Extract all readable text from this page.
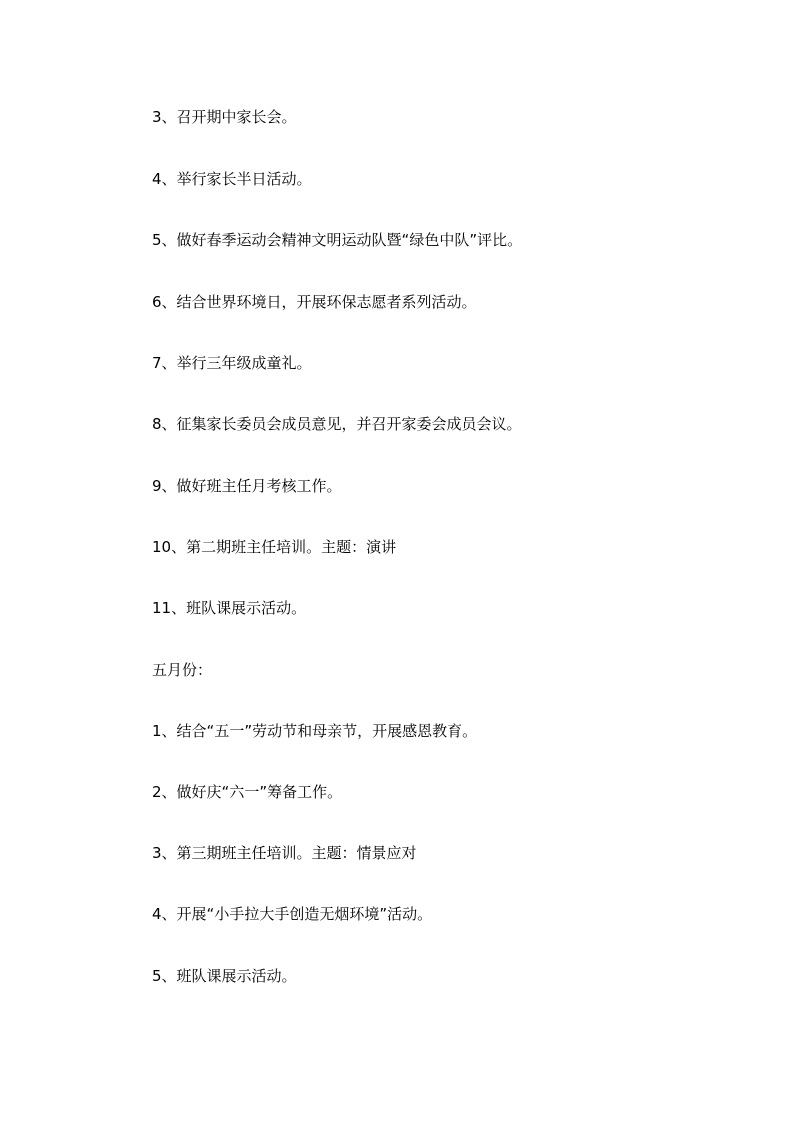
3、召开期中家长会。
4、举行家长半日活动。
5、做好春季运动会精神文明运动队暨“绿色中队”评比。
6、结合世界环境日，开展环保志愿者系列活动。
7、举行三年级成童礼。
8、征集家长委员会成员意见，并召开家委会成员会议。
9、做好班主任月考核工作。
10、第二期班主任培训。主题：演讲
11、班队课展示活动。
五月份：
1、结合“五一”劳动节和母亲节，开展感恩教育。
2、做好庆“六一”筹备工作。
3、第三期班主任培训。主题：情景应对
4、开展“小手拉大手创造无烟环境”活动。
5、班队课展示活动。
